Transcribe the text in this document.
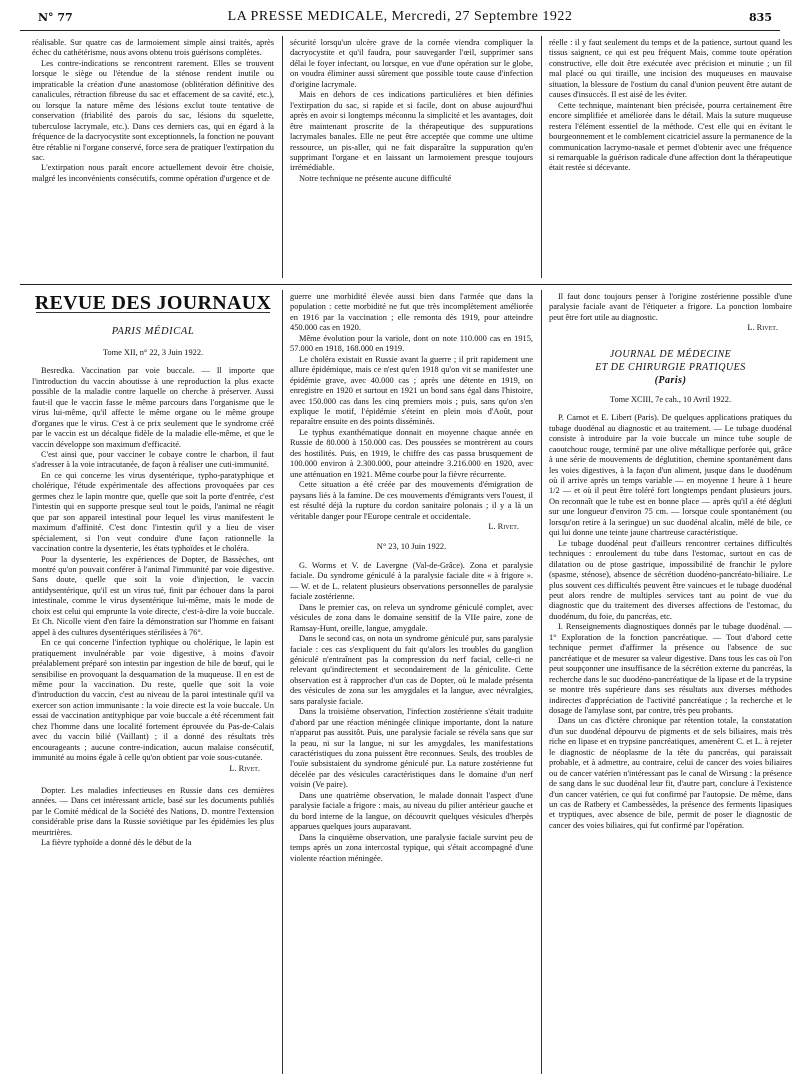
N° 77	LA PRESSE MEDICALE, Mercredi, 27 Septembre 1922	835

réalisable. Sur quatre cas de larmoiement simple ainsi traités, après échec du cathétérisme, nous avons obtenu trois guérisons complètes.

Les contre-indications se rencontrent rarement. Elles se trouvent lorsque le siège ou l'étendue de la sténose rendent inutile ou impraticable la création d'une anastomose (oblitération définitive des canalicules, rétraction fibreuse du sac et effacement de sa cavité, etc.), ou lorsque la nature même des lésions exclut toute tentative de conservation (friabilité des parois du sac, lésions du squelette, tuberculose lacrymale, etc.). Dans ces derniers cas, qui en égard à la fréquence de la dacryocystite sont exceptionnels, la fonction ne pouvant être rétablie ni l'organe conservé, force sera de pratiquer l'extirpation du sac.

L'extirpation nous paraît encore actuellement devoir être choisie, malgré les inconvénients consécutifs, comme opération d'urgence et de

sécurité lorsqu'un ulcère grave de la cornée viendra compliquer la dacryocystite et qu'il faudra, pour sauvegarder l'œil, supprimer sans délai le foyer infectant, ou lorsque, en vue d'une opération sur le globe, on voudra éliminer aussi sûrement que possible toute cause d'infection d'origine lacrymale.

Mais en dehors de ces indications particulières et bien définies l'extirpation du sac, si rapide et si facile, dont on abuse aujourd'hui après en avoir si longtemps méconnu la simplicité et les avantages, doit être maintenant proscrite de la thérapeutique des suppurations lacrymales banales. Elle ne peut être acceptée que comme une ultime ressource, un pis-aller, qui ne fait disparaître la suppuration qu'en supprimant l'organe et en laissant un larmoiement presque toujours irrémédiable.

Notre technique ne présente aucune difficulté

réelle : il y faut seulement du temps et de la patience, surtout quand les tissus saignent, ce qui est peu fréquent Mais, comme toute opération constructive, elle doit être exécutée avec précision et minutie ; un fil mal placé ou qui tiraille, une incision des muqueuses en mauvaise situation, la blessure de l'ostium du canal d'union peuvent être autant de causes d'insuccès. Il est aisé de les éviter.

Cette technique, maintenant bien précisée, pourra certainement être encore simplifiée et améliorée dans le détail. Mais la suture muqueuse restera l'élément essentiel de la méthode. C'est elle qui en évitant le bourgeonnement et le comblement cicatriciel assure la permanence de la communication lacrymo-nasale et permet d'obtenir avec une fréquence si remarquable la guérison radicale d'une affection dont la thérapeutique était restée si décevante.

REVUE DES JOURNAUX
PARIS MÉDICAL
Tome XII, n° 22, 3 Juin 1922.

Besredka. Vaccination par voie buccale. — Il importe que l'introduction du vaccin aboutisse à une reproduction la plus exacte possible de la maladie contre laquelle on cherche à préserver. Aussi faut-il que le vaccin fasse le même parcours dans l'organisme que le virus lui-même, qu'il affecte le même organe ou le même groupe d'organes que le virus. C'est à ce prix seulement que le syndrome créé par le vaccin est un décalque fidèle de la maladie elle-même, et que le vaccin développe son maximum d'efficacité.

C'est ainsi que, pour vacciner le cobaye contre le charbon, il faut s'adresser à la voie intracutanée, de façon à réaliser une cuti-immunité.

En ce qui concerne les virus dysentérique, typho-paratyphique et cholérique, l'étude expérimentale des affections provoquées par ces germes chez le lapin montre que, quelle que soit la porte d'entrée, c'est l'intestin qui en supporte presque seul tout le poids, l'animal ne réagit que par son appareil intestinal pour lequel les virus manifestent le maximum d'affinité. C'est donc l'intestin qu'il y a lieu de viser spécialement, si l'on veut conduire d'une façon rationnelle la vaccination contre la dysenterie, les états typhoïdes et le choléra.

Pour la dysenterie, les expériences de Dopter, de Bassèches, ont montré qu'on pouvait conférer à l'animal l'immunité par voie digestive. Sans doute, quelle que soit la voie d'injection, le vaccin antidysentérique, qu'il est un virus tué, finit par échouer dans la paroi intestinale, comme le virus dysentérique lui-même, mais le mode de choix est celui qui emprunte la voie directe, c'est-à-dire la voie buccale. Et Ch. Nicolle vient d'en faire la démonstration sur l'homme en faisant appel à des cultures dysentériques stérilisées à 76°.

En ce qui concerne l'infection typhique ou cholérique, le lapin est pratiquement invulnérable par voie digestive, à moins d'avoir préalablement préparé son intestin par ingestion de bile de bœuf, qui le sensibilise en provoquant la desquamation de la muqueuse. Il en est de même pour la vaccination. Du reste, quelle que soit la voie d'introduction du vaccin, c'est au niveau de la paroi intestinale qu'il va exercer son action immunisante : la voie directe est la voie buccale. Un essai de vaccination antityphique par voie buccale a été récemment fait chez l'homme dans une localité fortement éprouvée du Pas-de-Calais avec du vaccin bilié (Vaillant) ; il a donné des résultats très encourageants ; aucune contre-indication, aucun malaise consécutif, immunité au moins égale à celle qu'on obtient par voie sous-cutanée.

L. Rivet.

Dopter. Les maladies infectieuses en Russie dans ces dernières années. — Dans cet intéressant article, basé sur les documents publiés par le Comité médical de la Société des Nations, D. montre l'extension considérable prise dans la Russie soviétique par les épidémies les plus meurtrières.

La fièvre typhoïde a donné dès le début de la

guerre une morbidité élevée aussi bien dans l'armée que dans la population : cette morbidité ne fut que très incomplètement améliorée en 1916 par la vaccination ; elle remonta dès 1919, pour atteindre 450.000 cas en 1920.

Même évolution pour la variole, dont on note 110.000 cas en 1915, 57.000 en 1918, 168.000 en 1919.

Le choléra existait en Russie avant la guerre ; il prit rapidement une allure épidémique, mais ce n'est qu'en 1918 qu'on vit se manifester une épidémie grave, avec 40.000 cas ; après une détente en 1919, on enregistre en 1920 et surtout en 1921 un bond sans égal dans l'histoire, avec 150.000 cas dans les cinq premiers mois ; puis, sans qu'on s'en explique le motif, l'épidémie s'éteint en plein mois d'Août, pour reparaître ensuite en des points disséminés.

Le typhus exanthématique donnait en moyenne chaque année en Russie de 80.000 à 150.000 cas. Des poussées se montrèrent au cours des hostilités. Puis, en 1919, le chiffre des cas passa brusquement de 100.000 environ à 2.300.000, pour atteindre 3.216.000 en 1920, avec une atténuation en 1921. Même courbe pour la fièvre récurrente.

Cette situation a été créée par des mouvements d'émigration de paysans liés à la famine. De ces mouvements d'émigrants vers l'ouest, il est résulté déjà la rupture du cordon sanitaire polonais ; il y a là un véritable danger pour l'Europe centrale et occidentale.

L. Rivet.
N° 23, 10 Juin 1922.

G. Worms et V. de Lavergne (Val-de-Grâce). Zona et paralysie faciale. Du syndrome géniculé à la paralysie faciale dite « à frigore ». — W. et de L. relatent plusieurs observations personnelles de paralysie faciale zostérienne.

Dans le premier cas, on releva un syndrome géniculé complet, avec vésicules de zona dans le domaine sensitif de la VIIe paire, zone de Ramsay-Hunt, oreille, langue, amygdale.

Dans le second cas, on nota un syndrome géniculé pur, sans paralysie faciale : ces cas s'expliquent du fait qu'alors les troubles du ganglion géniculé n'entraînent pas la compression du nerf facial, celle-ci ne relevant qu'indirectement et secondairement de la géniculite. Cette observation est à rapprocher d'un cas de Dopter, où le malade présenta des vésicules de zona sur les amygdales et la langue, avec névralgies, sans paralysie faciale.

Dans la troisième observation, l'infection zostérienne s'était traduite d'abord par une réaction méningée clinique importante, dont la nature n'apparut pas aussitôt. Puis, une paralysie faciale se révéla sans que sur la peau, ni sur la langue, ni sur les amygdales, les manifestations caractéristiques du zona puissent être reconnues. Seuls, des troubles de l'ouïe subsistaient du syndrome géniculé pur. La nature zostérienne fut décelée par des vésicules caractéristiques dans le domaine d'un nerf voisin (Ve paire).

Dans une quatrième observation, le malade donnait l'aspect d'une paralysie faciale a frigore : mais, au niveau du pilier antérieur gauche et du bord interne de la langue, on découvrit quelques vésicules d'herpès apparues quelques jours auparavant.

Dans la cinquième observation, une paralysie faciale survint peu de temps après un zona intercostal typique, qui s'était accompagné d'une violente réaction méningée.

Il faut donc toujours penser à l'origine zostérienne possible d'une paralysie faciale avant de l'étiqueter a frigore. La ponction lombaire peut être fort utile au diagnostic.

L. Rivet.
JOURNAL DE MÉDECINE
ET DE CHIRURGIE PRATIQUES
(Paris)
Tome XCIII, 7e cah., 10 Avril 1922.

P. Carnot et E. Libert (Paris). De quelques applications pratiques du tubage duodénal au diagnostic et au traitement. — Le tubage duodénal consiste à introduire par la voie buccale un mince tube souple de caoutchouc rouge, terminé par une olive métallique perforée qui, grâce à une série de mouvements de déglutition, chemine spontanément dans les voies digestives, à la façon d'un aliment, jusque dans le duodénum où il arrive après un temps variable — en moyenne 1 heure à 1 heure 1/2 — et où il peut être toléré fort longtemps pendant plusieurs jours. On reconnaît que le tube est en bonne place — après qu'il a été dégluti sur une longueur d'environ 75 cm. — lorsque coule spontanément (ou lorsqu'on retire à la seringue) un suc duodénal alcalin, mêlé de bile, ce qui lui donne une teinte jaune chartreuse caractéristique.

Le tubage duodénal peut d'ailleurs rencontrer certaines difficultés techniques : enroulement du tube dans l'estomac, surtout en cas de dilatation ou de ptose gastrique, impossibilité de franchir le pylore (spasme, sténose), absence de sécrétion duodéno-pancréato-biliaire. Le plus souvent ces difficultés peuvent être vaincues et le tubage duodénal peut alors rendre de multiples services tant au point de vue du diagnostic que du traitement des diverses affections de l'estomac, du duodénum, du foie, du pancréas, etc.

I. Renseignements diagnostiques donnés par le tubage duodénal. — 1° Exploration de la fonction pancréatique. — Tout d'abord cette technique permet d'affirmer la présence ou l'absence de suc pancréatique et de mesurer sa valeur digestive. Dans tous les cas où l'on peut soupçonner une insuffisance de la sécrétion externe du pancréas, la recherche dans le suc duodéno-pancréatique de la lipase et de la trypsine se montre très supérieure dans ses résultats aux diverses méthodes indirectes d'appréciation de l'activité pancréatique ; la recherche et le dosage de l'amylase sont, par contre, très peu probants.

Dans un cas d'ictère chronique par rétention totale, la constatation d'un suc duodénal dépourvu de pigments et de sels biliaires, mais très riche en lipase et en trypsine pancréatiques, amenèrent C. et L. à rejeter le diagnostic de néoplasme de la tête du pancréas, qui paraissait probable, et à admettre, au contraire, celui de cancer des voies biliaires ou de cancer vatérien n'intéressant pas le canal de Wirsung : la présence de sang dans le suc duodénal leur fit, d'autre part, conclure à l'existence d'un cancer vatérien, ce qui fut confirmé par l'autopsie. De même, dans un cas de Ratbery et Cambessèdes, la présence des ferments lipasiques et tryptiques, avec absence de bile, permit de poser le diagnostic de cancer des voies biliaires, qui fut confirmé par l'opération.
